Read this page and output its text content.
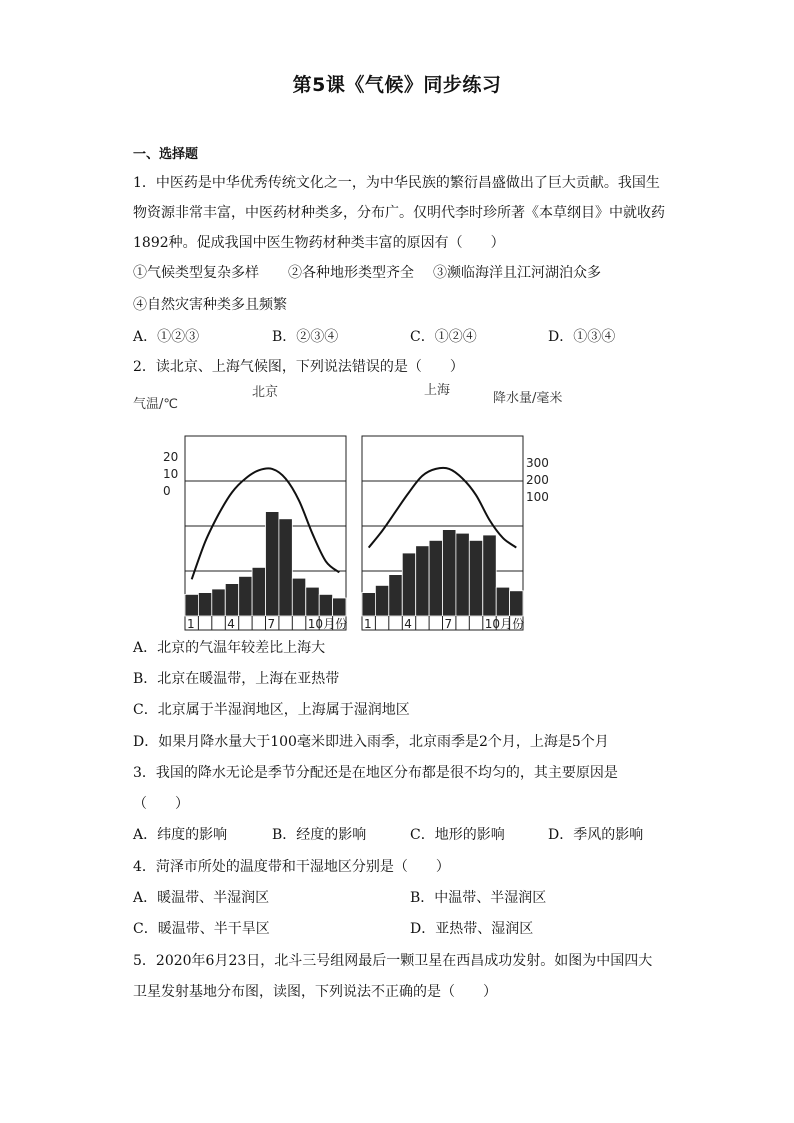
第5课《气候》同步练习
一、选择题
1．中医药是中华优秀传统文化之一，为中华民族的繁衍昌盛做出了巨大贡献。我国生
物资源非常丰富，中医药材种类多，分布广。仅明代李时珍所著《本草纲目》中就收药
1892种。促成我国中医生物药材种类丰富的原因有（　　）
①气候类型复杂多样 ②各种地形类型齐全 ③濒临海洋且江河湖泊众多
④自然灾害种类多且频繁
A．①②③	B．②③④	C．①②④	D．①③④
2．读北京、上海气候图，下列说法错误的是（　　）
北京	上海
气温/℃	降水量/毫米
20
10
0
300
200
100
1	4	7	10 月份 1	4	7	10 月份
A．北京的气温年较差比上海大
B．北京在暖温带，上海在亚热带
C．北京属于半湿润地区，上海属于湿润地区
D．如果月降水量大于100毫米即进入雨季，北京雨季是2个月，上海是5个月
3．我国的降水无论是季节分配还是在地区分布都是很不均匀的，其主要原因是
（　　）
A．纬度的影响	B．经度的影响	C．地形的影响	D．季风的影响
4．菏泽市所处的温度带和干湿地区分别是（　　）
A．暖温带、半湿润区	B．中温带、半湿润区
C．暖温带、半干旱区	D．亚热带、湿润区
5．2020年6月23日，北斗三号组网最后一颗卫星在西昌成功发射。如图为中国四大
卫星发射基地分布图，读图，下列说法不正确的是（　　）
